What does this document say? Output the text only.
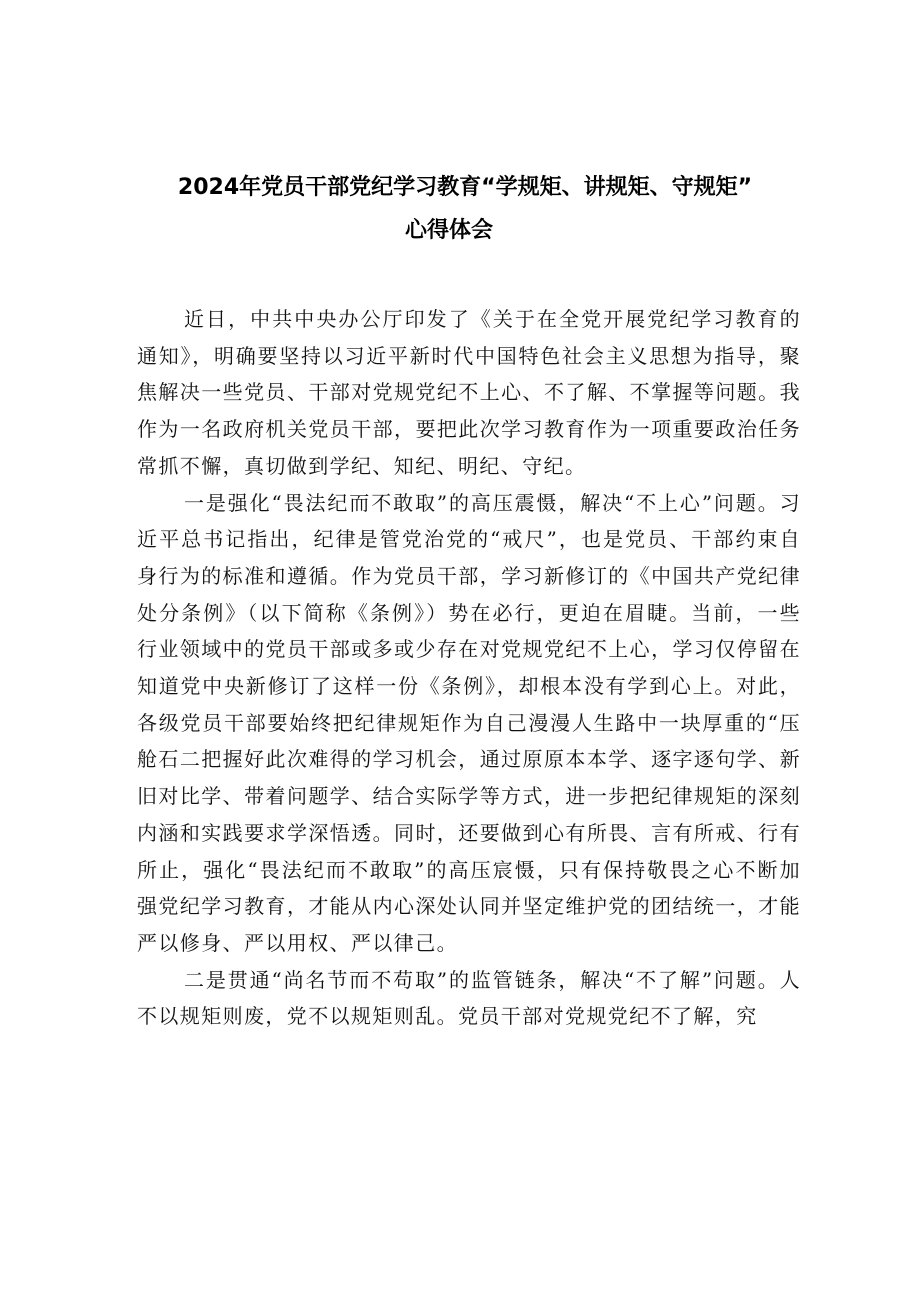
2024年党员干部党纪学习教育“学规矩、讲规矩、守规矩”
心得体会

近日，中共中央办公厅印发了《关于在全党开展党纪学习教育的通知》，明确要坚持以习近平新时代中国特色社会主义思想为指导，聚焦解决一些党员、干部对党规党纪不上心、不了解、不掌握等问题。我作为一名政府机关党员干部，要把此次学习教育作为一项重要政治任务常抓不懈，真切做到学纪、知纪、明纪、守纪。

一是强化“畏法纪而不敢取”的高压震慑，解决“不上心”问题。习近平总书记指出，纪律是管党治党的“戒尺”，也是党员、干部约束自身行为的标准和遵循。作为党员干部，学习新修订的《中国共产党纪律处分条例》（以下简称《条例》）势在必行，更迫在眉睫。当前，一些行业领域中的党员干部或多或少存在对党规党纪不上心，学习仅停留在知道党中央新修订了这样一份《条例》，却根本没有学到心上。对此，各级党员干部要始终把纪律规矩作为自己漫漫人生路中一块厚重的“压舱石二把握好此次难得的学习机会，通过原原本本学、逐字逐句学、新旧对比学、带着问题学、结合实际学等方式，进一步把纪律规矩的深刻内涵和实践要求学深悟透。同时，还要做到心有所畏、言有所戒、行有所止，强化“畏法纪而不敢取”的高压宸慑，只有保持敬畏之心不断加强党纪学习教育，才能从内心深处认同并坚定维护党的团结统一，才能严以修身、严以用权、严以律己。

二是贯通“尚名节而不苟取”的监管链条，解决“不了解”问题。人不以规矩则废，党不以规矩则乱。党员干部对党规党纪不了解，究
